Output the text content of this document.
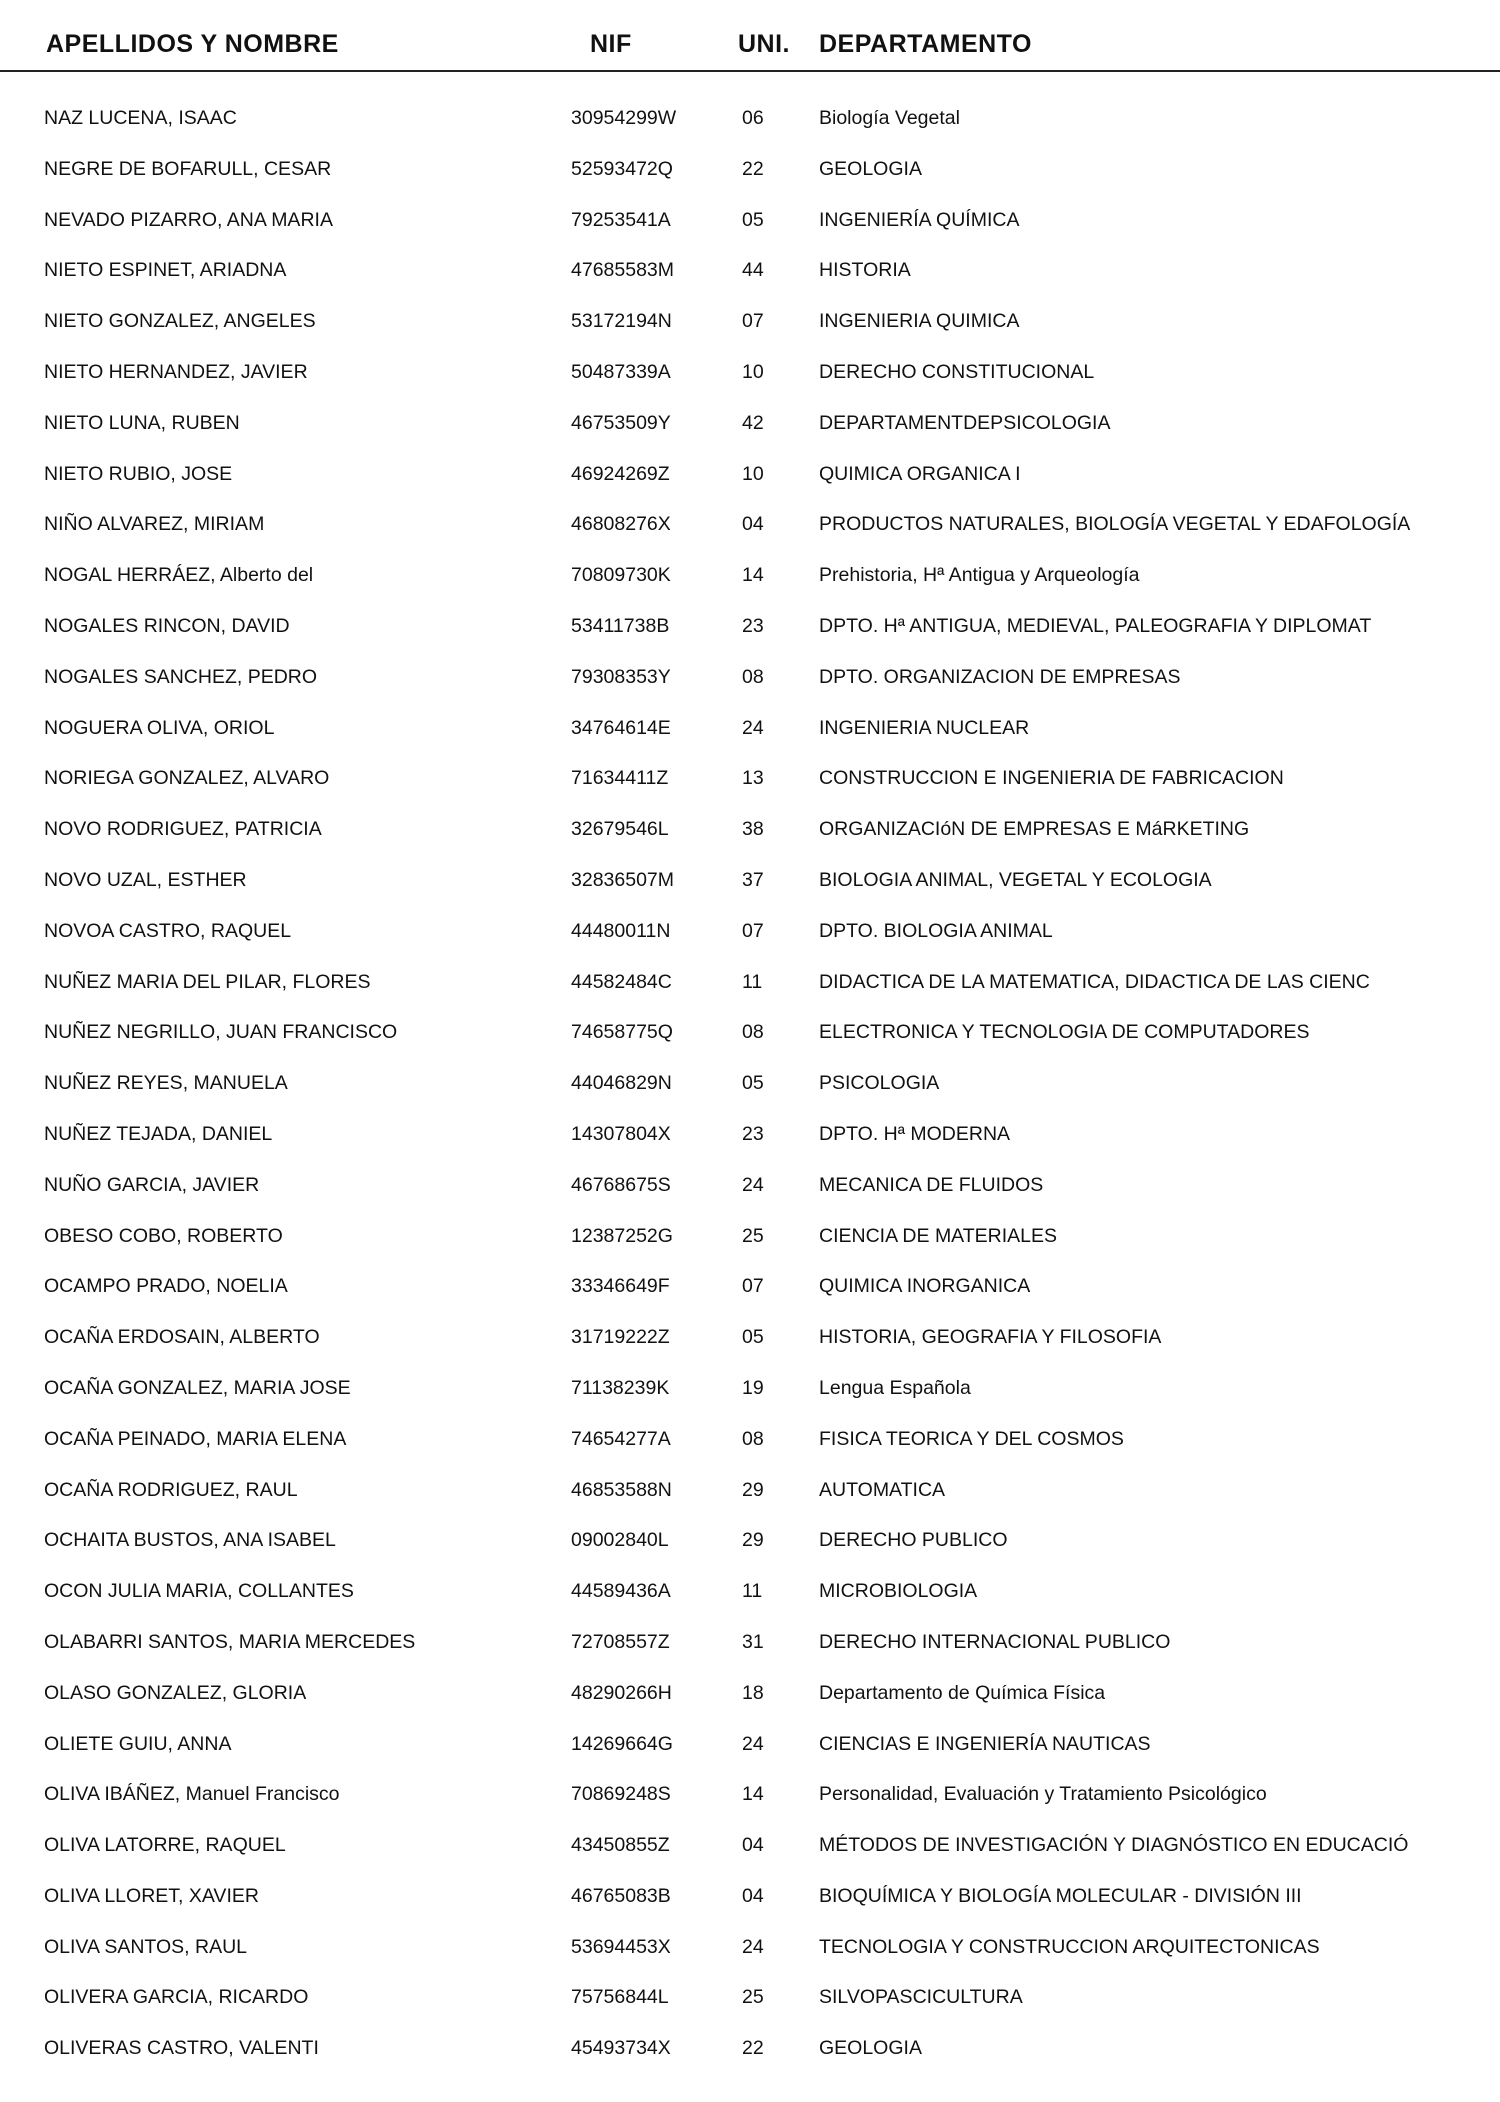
APELLIDOS Y NOMBRE	NIF	UNI. DEPARTAMENTO
NAZ LUCENA, ISAAC	30954299W	06	Biología Vegetal
NEGRE DE BOFARULL, CESAR	52593472Q	22	GEOLOGIA
NEVADO PIZARRO, ANA MARIA	79253541A	05	INGENIERÍA QUÍMICA
NIETO ESPINET, ARIADNA	47685583M	44	HISTORIA
NIETO GONZALEZ, ANGELES	53172194N	07	INGENIERIA QUIMICA
NIETO HERNANDEZ, JAVIER	50487339A	10	DERECHO CONSTITUCIONAL
NIETO LUNA, RUBEN	46753509Y	42	DEPARTAMENTDEPSICOLOGIA
NIETO RUBIO, JOSE	46924269Z	10	QUIMICA ORGANICA I
NIÑO ALVAREZ, MIRIAM	46808276X	04	PRODUCTOS NATURALES, BIOLOGÍA VEGETAL Y EDAFOLOGÍA
NOGAL HERRÁEZ, Alberto del	70809730K	14	Prehistoria, Hª Antigua y Arqueología
NOGALES RINCON, DAVID	53411738B	23	DPTO. Hª ANTIGUA, MEDIEVAL, PALEOGRAFIA Y DIPLOMAT
NOGALES SANCHEZ, PEDRO	79308353Y	08	DPTO. ORGANIZACION DE EMPRESAS
NOGUERA OLIVA, ORIOL	34764614E	24	INGENIERIA NUCLEAR
NORIEGA GONZALEZ, ALVARO	71634411Z	13	CONSTRUCCION E INGENIERIA DE FABRICACION
NOVO RODRIGUEZ, PATRICIA	32679546L	38	ORGANIZACIóN DE EMPRESAS E MáRKETING
NOVO UZAL, ESTHER	32836507M	37	BIOLOGIA ANIMAL, VEGETAL Y ECOLOGIA
NOVOA CASTRO, RAQUEL	44480011N	07	DPTO. BIOLOGIA ANIMAL
NUÑEZ MARIA DEL PILAR, FLORES	44582484C	11	DIDACTICA DE LA MATEMATICA, DIDACTICA DE LAS CIENC
NUÑEZ NEGRILLO, JUAN FRANCISCO	74658775Q	08	ELECTRONICA Y TECNOLOGIA DE COMPUTADORES
NUÑEZ REYES, MANUELA	44046829N	05	PSICOLOGIA
NUÑEZ TEJADA, DANIEL	14307804X	23	DPTO. Hª MODERNA
NUÑO GARCIA, JAVIER	46768675S	24	MECANICA DE FLUIDOS
OBESO COBO, ROBERTO	12387252G	25	CIENCIA DE MATERIALES
OCAMPO PRADO, NOELIA	33346649F	07	QUIMICA INORGANICA
OCAÑA ERDOSAIN, ALBERTO	31719222Z	05	HISTORIA, GEOGRAFIA Y FILOSOFIA
OCAÑA GONZALEZ, MARIA JOSE	71138239K	19	Lengua Española
OCAÑA PEINADO, MARIA ELENA	74654277A	08	FISICA TEORICA Y DEL COSMOS
OCAÑA RODRIGUEZ, RAUL	46853588N	29	AUTOMATICA
OCHAITA BUSTOS, ANA ISABEL	09002840L	29	DERECHO PUBLICO
OCON JULIA MARIA, COLLANTES	44589436A	11	MICROBIOLOGIA
OLABARRI SANTOS, MARIA MERCEDES	72708557Z	31	DERECHO INTERNACIONAL PUBLICO
OLASO GONZALEZ, GLORIA	48290266H	18	Departamento de Química Física
OLIETE GUIU, ANNA	14269664G	24	CIENCIAS E INGENIERÍA NAUTICAS
OLIVA IBÁÑEZ, Manuel Francisco	70869248S	14	Personalidad, Evaluación y Tratamiento Psicológico
OLIVA LATORRE, RAQUEL	43450855Z	04	MÉTODOS DE INVESTIGACIÓN Y DIAGNÓSTICO EN EDUCACIÓ
OLIVA LLORET, XAVIER	46765083B	04	BIOQUÍMICA Y BIOLOGÍA MOLECULAR - DIVISIÓN III
OLIVA SANTOS, RAUL	53694453X	24	TECNOLOGIA Y CONSTRUCCION ARQUITECTONICAS
OLIVERA GARCIA, RICARDO	75756844L	25	SILVOPASCICULTURA
OLIVERAS CASTRO, VALENTI	45493734X	22	GEOLOGIA
